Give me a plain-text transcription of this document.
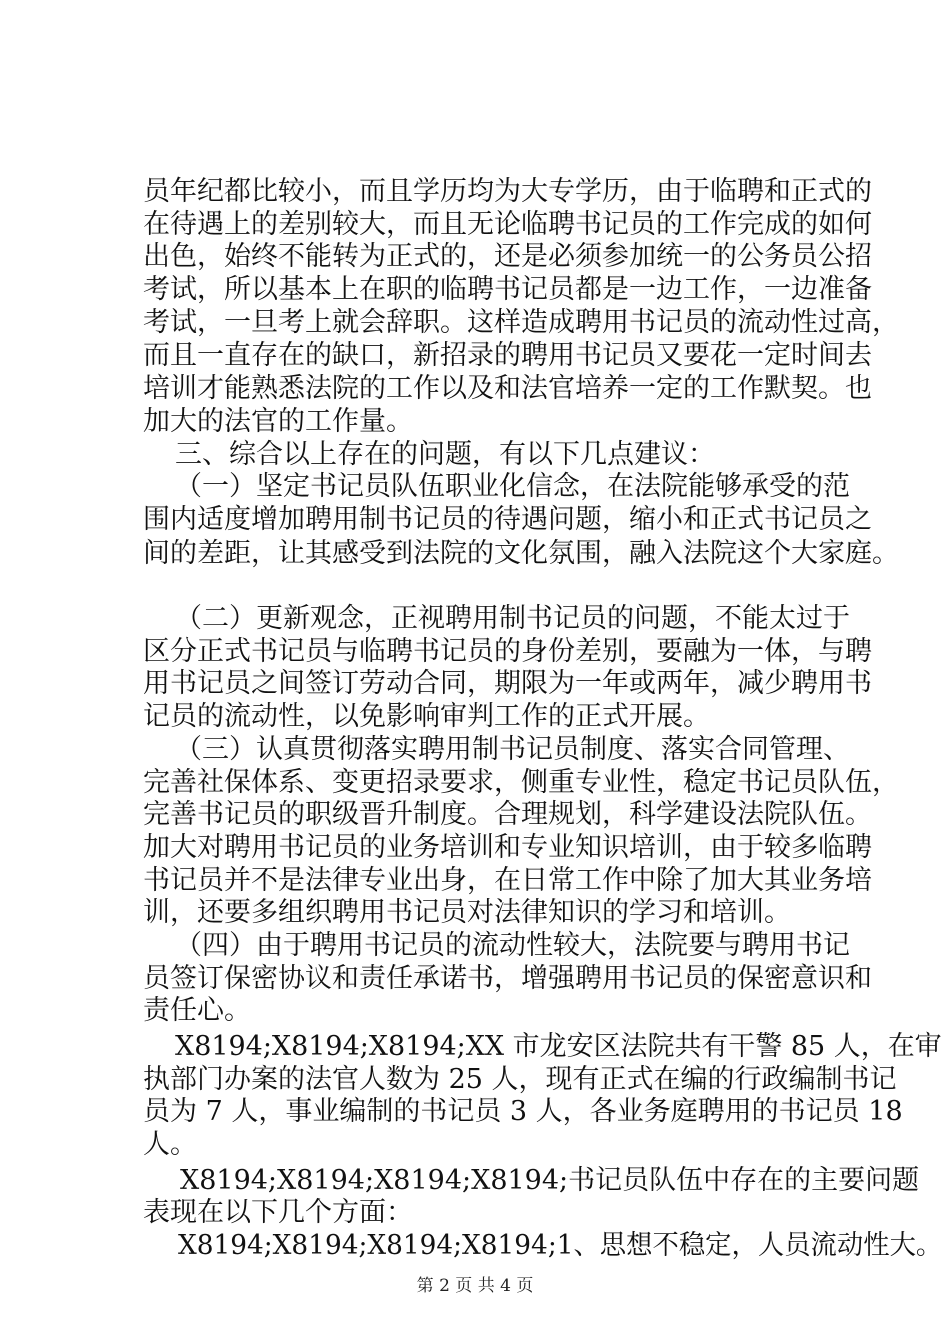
员年纪都比较小，而且学历均为大专学历，由于临聘和正式的
在待遇上的差别较大，而且无论临聘书记员的工作完成的如何
出色，始终不能转为正式的，还是必须参加统一的公务员公招
考试，所以基本上在职的临聘书记员都是一边工作，一边准备
考试，一旦考上就会辞职。这样造成聘用书记员的流动性过高，
而且一直存在的缺口，新招录的聘用书记员又要花一定时间去
培训才能熟悉法院的工作以及和法官培养一定的工作默契。也
加大的法官的工作量。
三、综合以上存在的问题，有以下几点建议：
（一）坚定书记员队伍职业化信念，在法院能够承受的范
围内适度增加聘用制书记员的待遇问题，缩小和正式书记员之
间的差距，让其感受到法院的文化氛围，融入法院这个大家庭。
（二）更新观念，正视聘用制书记员的问题，不能太过于
区分正式书记员与临聘书记员的身份差别，要融为一体，与聘
用书记员之间签订劳动合同，期限为一年或两年，减少聘用书
记员的流动性，以免影响审判工作的正式开展。
（三）认真贯彻落实聘用制书记员制度、落实合同管理、
完善社保体系、变更招录要求，侧重专业性，稳定书记员队伍，
完善书记员的职级晋升制度。合理规划，科学建设法院队伍。
加大对聘用书记员的业务培训和专业知识培训，由于较多临聘
书记员并不是法律专业出身，在日常工作中除了加大其业务培
训，还要多组织聘用书记员对法律知识的学习和培训。
（四）由于聘用书记员的流动性较大，法院要与聘用书记
员签订保密协议和责任承诺书，增强聘用书记员的保密意识和
责任心。
X8194;X8194;X8194;XX 市龙安区法院共有干警 85 人，在审
执部门办案的法官人数为 25 人，现有正式在编的行政编制书记
员为 7 人，事业编制的书记员 3 人，各业务庭聘用的书记员 18
人。
X8194;X8194;X8194;X8194;书记员队伍中存在的主要问题
表现在以下几个方面：
X8194;X8194;X8194;X8194;1、思想不稳定，人员流动性大。
第 2 页 共 4 页
